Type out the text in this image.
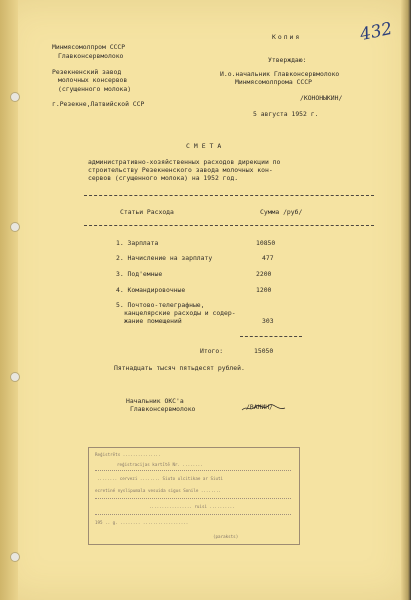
432
Копия
Утверждаю:
И.о.начальник Главконсервмолоко
Минмясомолпрома СССР
/КОНОНЫКИН/
5 августа 1952 г.
Минмясомолпром СССР
Главконсервмолоко
Резекненский завод
молочных консервов
(сгущенного молока)
г.Резекне,Латвийской ССР
СМЕТА
административно-хозяйственных расходов дирекции по
строительству Резекненского завода молочных кон-
сервов (сгущенного молока) на 1952 год.
Статьи Расхода	Сумма /руб/
1. Зарплата	10850
2. Начисление на зарплату	477
3. Под'емные	2200
4. Командировочные	1200
5. Почтово-телеграфные,
канцелярские расходы и содер-
жание помещений	303
Итого:	15050
Пятнадцать тысяч пятьдесят рублей.
Начальник ОКС'а
Главконсервмолоко	/ВАНИН/
Reģistrēts ...............
reģistracijas kartītē Nr. ........
........ cervezi ........ Siuto ulcitikae ar Siuti
ecretiné nyslipumala vesuida sigus Sonile ........
................. ruisi ..........
195 .. g. ........ ..................
(paraksts)
